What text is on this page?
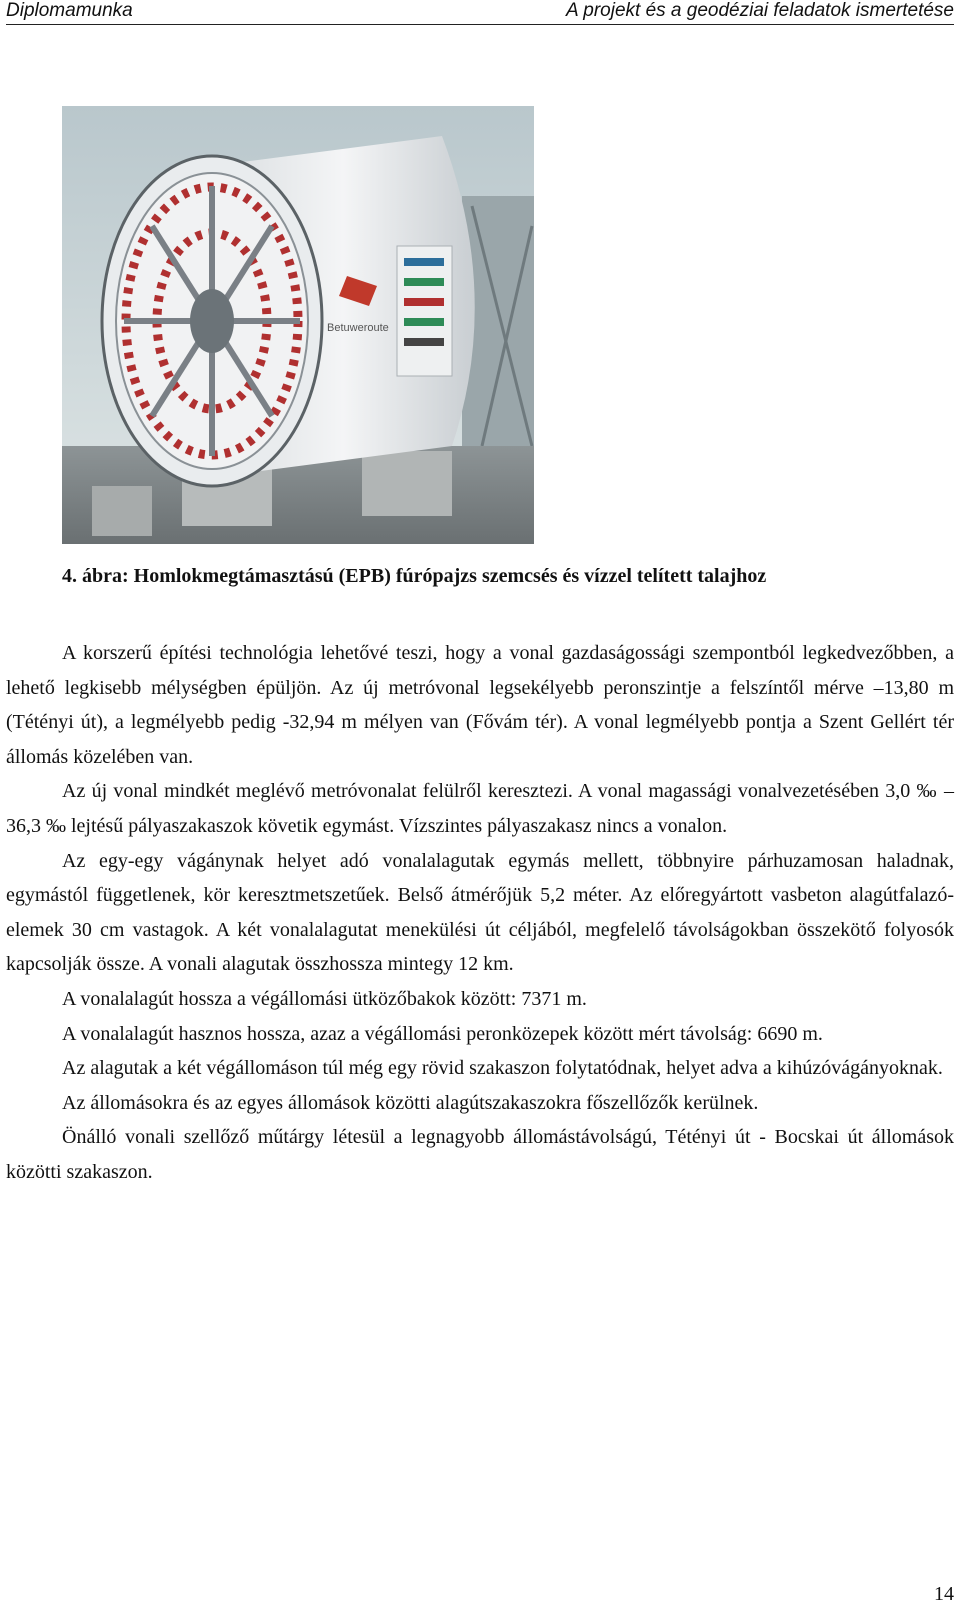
Diplomamunka	A projekt és a geodéziai feladatok ismertetése
Betuweroute

4. ábra: Homlokmegtámasztású (EPB) fúrópajzs szemcsés és vízzel telített talajhoz

A korszerű építési technológia lehetővé teszi, hogy a vonal gazdaságossági szempontból legkedvezőbben, a lehető legkisebb mélységben épüljön. Az új metróvonal legsekélyebb peronszintje a felszíntől mérve –13,80 m (Tétényi út), a legmélyebb pedig -32,94 m mélyen van (Fővám tér). A vonal legmélyebb pontja a Szent Gellért tér állomás közelében van.

Az új vonal mindkét meglévő metróvonalat felülről keresztezi. A vonal magassági vonalvezetésében 3,0 ‰ – 36,3 ‰ lejtésű pályaszakaszok követik egymást. Vízszintes pályaszakasz nincs a vonalon.

Az egy-egy vágánynak helyet adó vonalalagutak egymás mellett, többnyire párhuzamosan haladnak, egymástól függetlenek, kör keresztmetszetűek. Belső átmérőjük 5,2 méter. Az előregyártott vasbeton alagútfalazó-elemek 30 cm vastagok. A két vonalalagutat menekülési út céljából, megfelelő távolságokban összekötő folyosók kapcsolják össze. A vonali alagutak összhossza mintegy 12 km.

A vonalalagút hossza a végállomási ütközőbakok között: 7371 m.

A vonalalagút hasznos hossza, azaz a végállomási peronközepek között mért távolság: 6690 m.

Az alagutak a két végállomáson túl még egy rövid szakaszon folytatódnak, helyet adva a kihúzóvágányoknak.

Az állomásokra és az egyes állomások közötti alagútszakaszokra főszellőzők kerülnek.

Önálló vonali szellőző műtárgy létesül a legnagyobb állomástávolságú, Tétényi út - Bocskai út állomások közötti szakaszon.

14
